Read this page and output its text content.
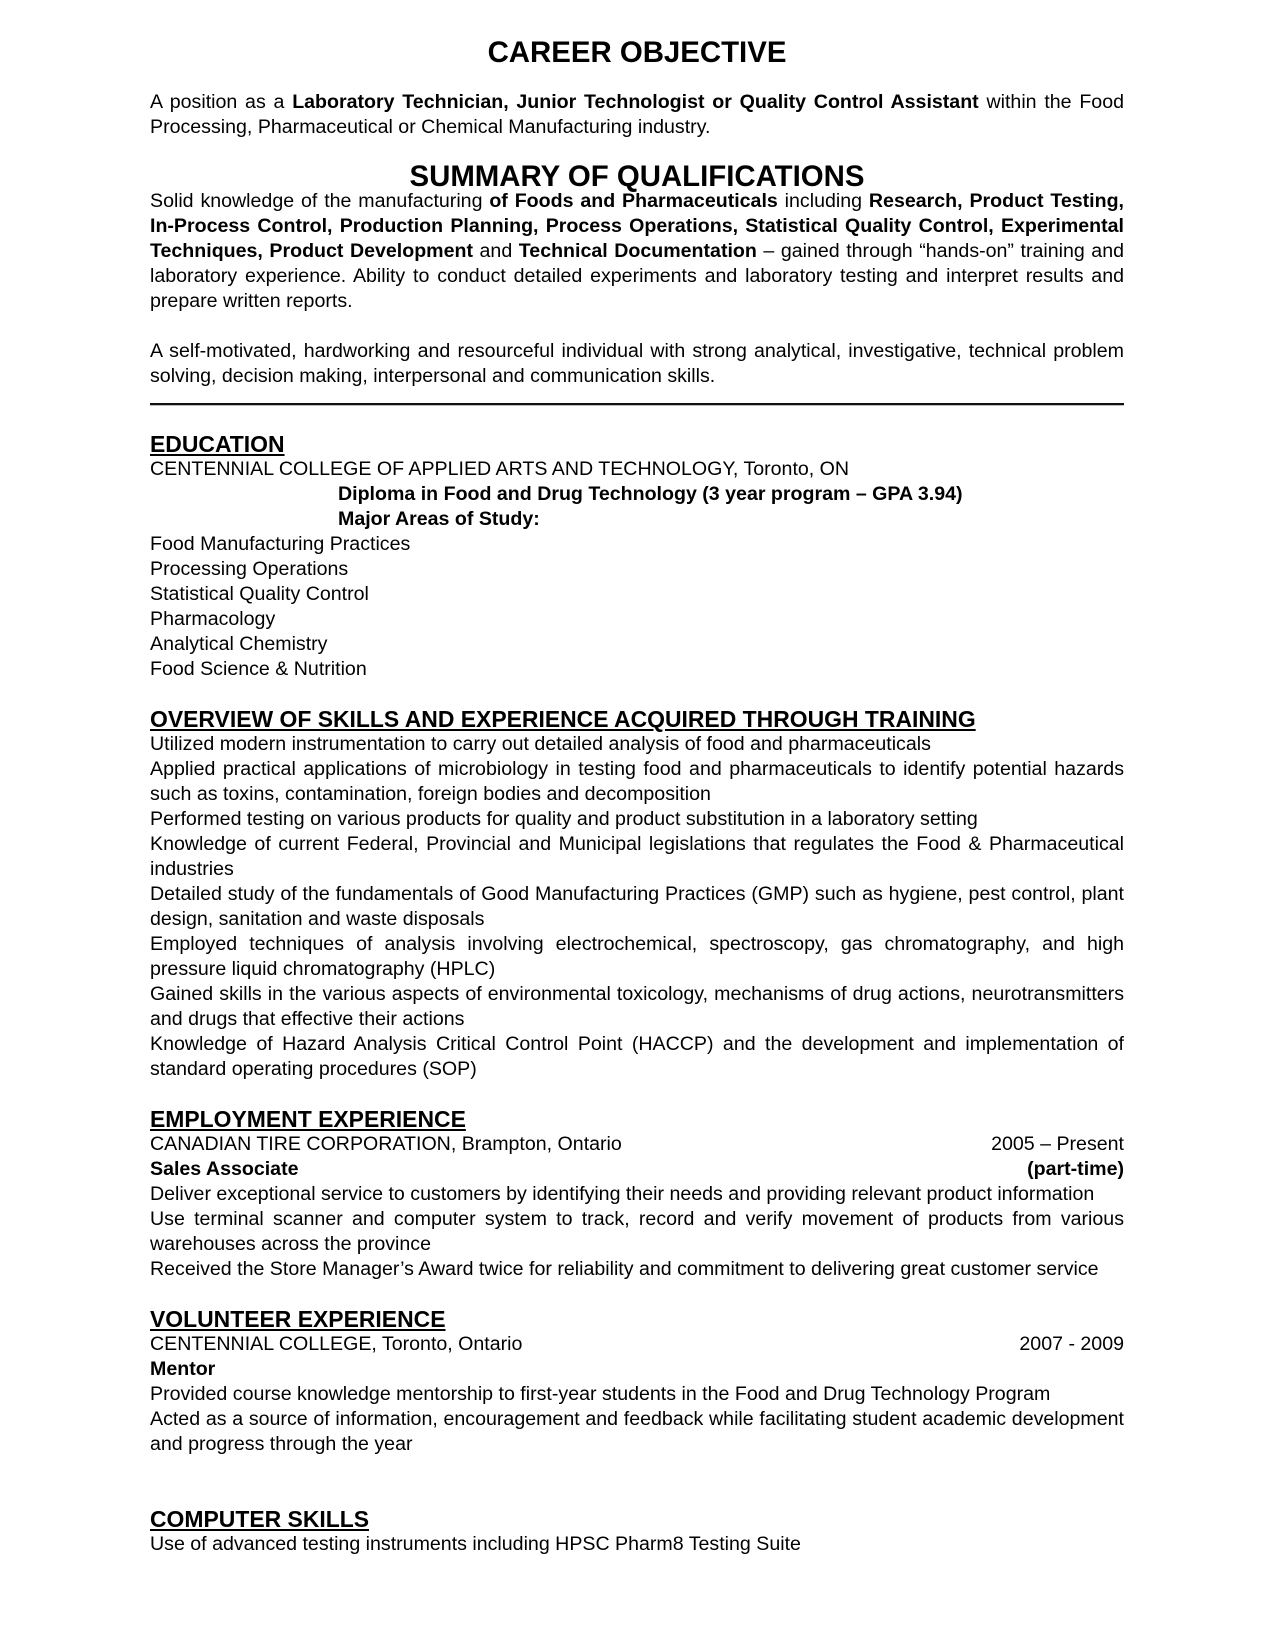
CAREER OBJECTIVE

A position as a Laboratory Technician, Junior Technologist or Quality Control Assistant within the Food Processing, Pharmaceutical or Chemical Manufacturing industry.

SUMMARY OF QUALIFICATIONS

Solid knowledge of the manufacturing of Foods and Pharmaceuticals including Research, Product Testing, In-Process Control, Production Planning, Process Operations, Statistical Quality Control, Experimental Techniques, Product Development and Technical Documentation – gained through “hands-on” training and laboratory experience. Ability to conduct detailed experiments and laboratory testing and interpret results and prepare written reports.

A self-motivated, hardworking and resourceful individual with strong analytical, investigative, technical problem solving, decision making, interpersonal and communication skills.

EDUCATION

CENTENNIAL COLLEGE OF APPLIED ARTS AND TECHNOLOGY, Toronto, ON

Diploma in Food and Drug Technology (3 year program – GPA 3.94)

Major Areas of Study:

Food Manufacturing Practices

Processing Operations

Statistical Quality Control

Pharmacology

Analytical Chemistry

Food Science & Nutrition

OVERVIEW OF SKILLS AND EXPERIENCE ACQUIRED THROUGH TRAINING

Utilized modern instrumentation to carry out detailed analysis of food and pharmaceuticals

Applied practical applications of microbiology in testing food and pharmaceuticals to identify potential hazards such as toxins, contamination, foreign bodies and decomposition

Performed testing on various products for quality and product substitution in a laboratory setting

Knowledge of current Federal, Provincial and Municipal legislations that regulates the Food & Pharmaceutical industries

Detailed study of the fundamentals of Good Manufacturing Practices (GMP) such as hygiene, pest control, plant design, sanitation and waste disposals

Employed techniques of analysis involving electrochemical, spectroscopy, gas chromatography, and high pressure liquid chromatography (HPLC)

Gained skills in the various aspects of environmental toxicology, mechanisms of drug actions, neurotransmitters and drugs that effective their actions

Knowledge of Hazard Analysis Critical Control Point (HACCP) and the development and implementation of standard operating procedures (SOP)

EMPLOYMENT EXPERIENCE
CANADIAN TIRE CORPORATION, Brampton, Ontario	2005 – Present
Sales Associate	(part-time)

Deliver exceptional service to customers by identifying their needs and providing relevant product information

Use terminal scanner and computer system to track, record and verify movement of products from various warehouses across the province

Received the Store Manager’s Award twice for reliability and commitment to delivering great customer service

VOLUNTEER EXPERIENCE
CENTENNIAL COLLEGE, Toronto, Ontario	2007 - 2009

Mentor

Provided course knowledge mentorship to first-year students in the Food and Drug Technology Program

Acted as a source of information, encouragement and feedback while facilitating student academic development and progress through the year

COMPUTER SKILLS

Use of advanced testing instruments including HPSC Pharm8 Testing Suite
